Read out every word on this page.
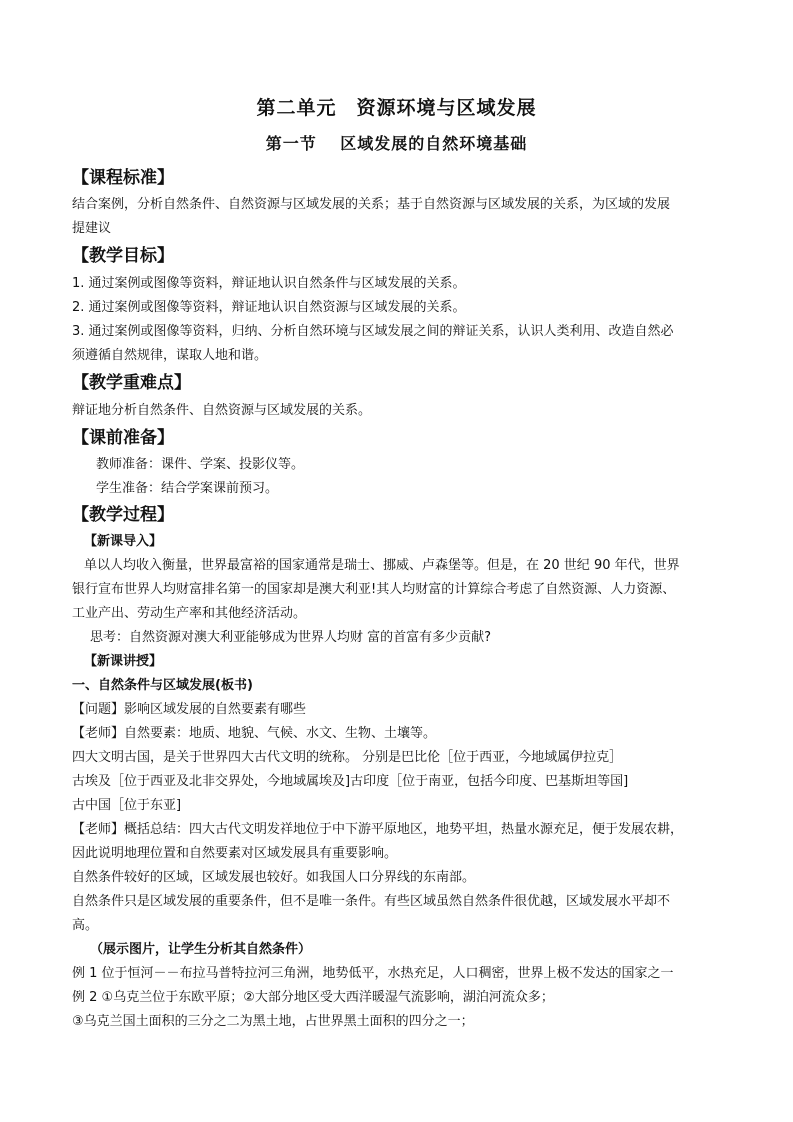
第二单元　资源环境与区域发展
第一节　 区域发展的自然环境基础
【课程标准】
结合案例，分析自然条件、自然资源与区域发展的关系；基于自然资源与区域发展的关系，为区域的发展
提建议
【教学目标】
1. 通过案例或图像等资料，辩证地认识自然条件与区域发展的关系。
2. 通过案例或图像等资料，辩证地认识自然资源与区域发展的关系。
3. 通过案例或图像等资料，归纳、分析自然环境与区域发展之间的辩证关系，认识人类利用、改造自然必
须遵循自然规律，谋取人地和谐。
【教学重难点】
辩证地分析自然条件、自然资源与区域发展的关系。
【课前准备】
教师准备：课件、学案、投影仪等。
学生准备：结合学案课前预习。
【教学过程】
【新课导入】
单以人均收入衡量，世界最富裕的国家通常是瑞士、挪威、卢森堡等。但是，在 20 世纪 90 年代，世界
银行宣布世界人均财富排名第一的国家却是澳大利亚!其人均财富的计算综合考虑了自然资源、人力资源、
工业产出、劳动生产率和其他经济活动。
思考：自然资源对澳大利亚能够成为世界人均财 富的首富有多少贡献?
【新课讲授】
一、自然条件与区域发展(板书)
【问题】影响区域发展的自然要素有哪些
【老师】自然要素：地质、地貌、气候、水文、生物、土壤等。
四大文明古国，是关于世界四大古代文明的统称。 分别是巴比伦［位于西亚，今地域属伊拉克］
古埃及［位于西亚及北非交界处，今地域属埃及]古印度［位于南亚，包括今印度、巴基斯坦等国]
古中国［位于东亚]
【老师】概括总结：四大古代文明发祥地位于中下游平原地区，地势平坦，热量水源充足，便于发展农耕，
因此说明地理位置和自然要素对区域发展具有重要影响。
自然条件较好的区域，区域发展也较好。如我国人口分界线的东南部。
自然条件只是区域发展的重要条件，但不是唯一条件。有些区域虽然自然条件很优越，区域发展水平却不
高。
（展示图片，让学生分析其自然条件）
例 1 位于恒河－－布拉马普特拉河三角洲，地势低平，水热充足，人口稠密，世界上极不发达的国家之一
例 2 ①乌克兰位于东欧平原；②大部分地区受大西洋暖湿气流影响，湖泊河流众多；
③乌克兰国土面积的三分之二为黑土地，占世界黑土面积的四分之一；
